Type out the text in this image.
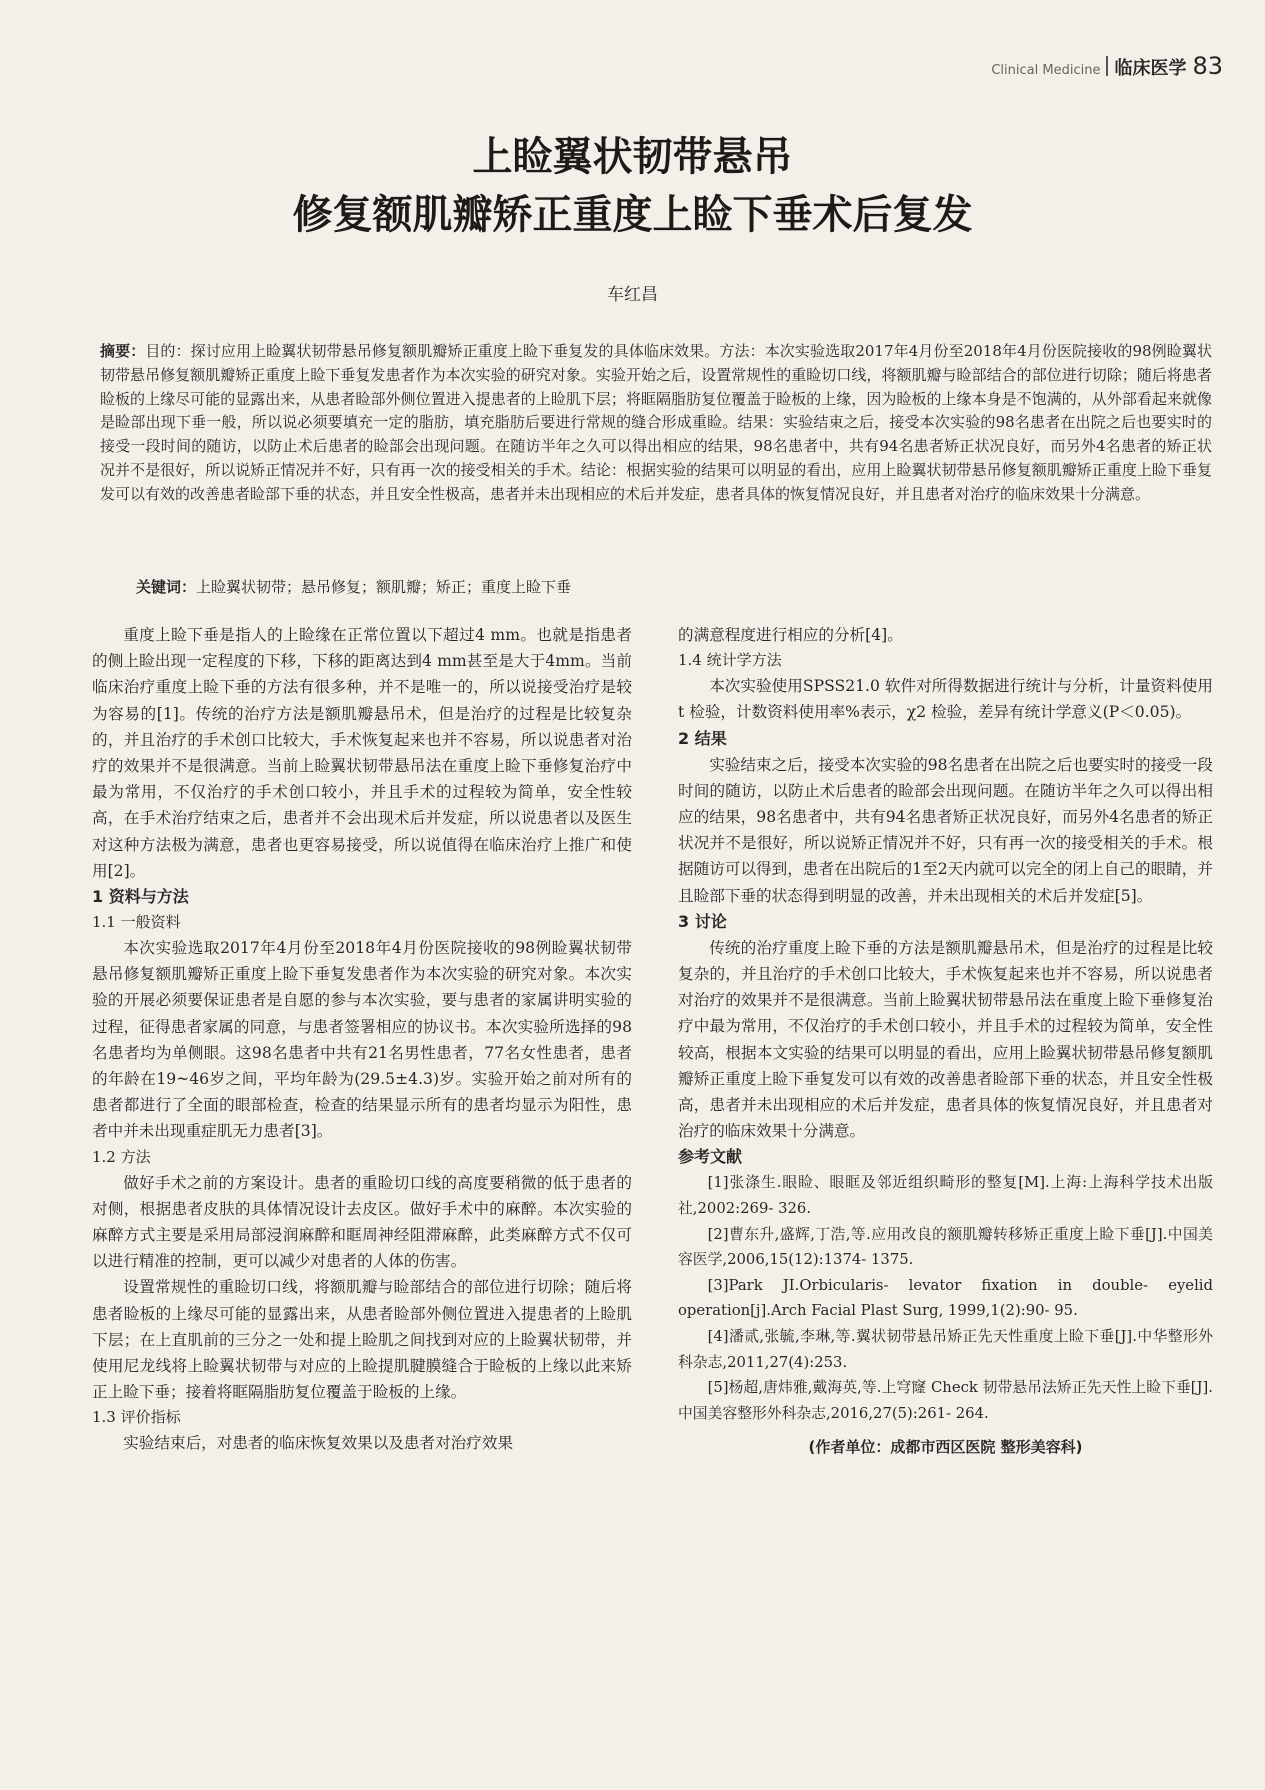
Clinical Medicine 临床医学 83
上睑翼状韧带悬吊
修复额肌瓣矫正重度上睑下垂术后复发
车红昌
摘要：目的：探讨应用上睑翼状韧带悬吊修复额肌瓣矫正重度上睑下垂复发的具体临床效果。方法：本次实验选取2017年4月份至2018年4月份医院接收的98例睑翼状韧带悬吊修复额肌瓣矫正重度上睑下垂复发患者作为本次实验的研究对象。实验开始之后，设置常规性的重睑切口线，将额肌瓣与睑部结合的部位进行切除；随后将患者睑板的上缘尽可能的显露出来，从患者睑部外侧位置进入提患者的上睑肌下层；将眶隔脂肪复位覆盖于睑板的上缘，因为睑板的上缘本身是不饱满的，从外部看起来就像是睑部出现下垂一般，所以说必须要填充一定的脂肪，填充脂肪后要进行常规的缝合形成重睑。结果：实验结束之后，接受本次实验的98名患者在出院之后也要实时的接受一段时间的随访，以防止术后患者的睑部会出现问题。在随访半年之久可以得出相应的结果，98名患者中，共有94名患者矫正状况良好，而另外4名患者的矫正状况并不是很好，所以说矫正情况并不好，只有再一次的接受相关的手术。结论：根据实验的结果可以明显的看出，应用上睑翼状韧带悬吊修复额肌瓣矫正重度上睑下垂复发可以有效的改善患者睑部下垂的状态，并且安全性极高，患者并未出现相应的术后并发症，患者具体的恢复情况良好，并且患者对治疗的临床效果十分满意。
关键词：上睑翼状韧带；悬吊修复；额肌瓣；矫正；重度上睑下垂

重度上睑下垂是指人的上睑缘在正常位置以下超过4 mm。也就是指患者的侧上睑出现一定程度的下移，下移的距离达到4 mm甚至是大于4mm。当前临床治疗重度上睑下垂的方法有很多种，并不是唯一的，所以说接受治疗是较为容易的[1]。传统的治疗方法是额肌瓣悬吊术，但是治疗的过程是比较复杂的，并且治疗的手术创口比较大，手术恢复起来也并不容易，所以说患者对治疗的效果并不是很满意。当前上睑翼状韧带悬吊法在重度上睑下垂修复治疗中最为常用，不仅治疗的手术创口较小，并且手术的过程较为简单，安全性较高，在手术治疗结束之后，患者并不会出现术后并发症，所以说患者以及医生对这种方法极为满意，患者也更容易接受，所以说值得在临床治疗上推广和使用[2]。

1 资料与方法
1.1 一般资料

本次实验选取2017年4月份至2018年4月份医院接收的98例睑翼状韧带悬吊修复额肌瓣矫正重度上睑下垂复发患者作为本次实验的研究对象。本次实验的开展必须要保证患者是自愿的参与本次实验，要与患者的家属讲明实验的过程，征得患者家属的同意，与患者签署相应的协议书。本次实验所选择的98名患者均为单侧眼。这98名患者中共有21名男性患者，77名女性患者，患者的年龄在19~46岁之间，平均年龄为(29.5±4.3)岁。实验开始之前对所有的患者都进行了全面的眼部检查，检查的结果显示所有的患者均显示为阳性，患者中并未出现重症肌无力患者[3]。

1.2 方法

做好手术之前的方案设计。患者的重睑切口线的高度要稍微的低于患者的对侧，根据患者皮肤的具体情况设计去皮区。做好手术中的麻醉。本次实验的麻醉方式主要是采用局部浸润麻醉和眶周神经阻滞麻醉，此类麻醉方式不仅可以进行精准的控制，更可以减少对患者的人体的伤害。

设置常规性的重睑切口线，将额肌瓣与睑部结合的部位进行切除；随后将患者睑板的上缘尽可能的显露出来，从患者睑部外侧位置进入提患者的上睑肌下层；在上直肌前的三分之一处和提上睑肌之间找到对应的上睑翼状韧带，并使用尼龙线将上睑翼状韧带与对应的上睑提肌腱膜缝合于睑板的上缘以此来矫正上睑下垂；接着将眶隔脂肪复位覆盖于睑板的上缘。

1.3 评价指标

实验结束后，对患者的临床恢复效果以及患者对治疗效果

的满意程度进行相应的分析[4]。

1.4 统计学方法

本次实验使用SPSS21.0 软件对所得数据进行统计与分析，计量资料使用 t 检验，计数资料使用率%表示，χ2 检验，差异有统计学意义(P＜0.05)。

2 结果

实验结束之后，接受本次实验的98名患者在出院之后也要实时的接受一段时间的随访，以防止术后患者的睑部会出现问题。在随访半年之久可以得出相应的结果，98名患者中，共有94名患者矫正状况良好，而另外4名患者的矫正状况并不是很好，所以说矫正情况并不好，只有再一次的接受相关的手术。根据随访可以得到，患者在出院后的1至2天内就可以完全的闭上自己的眼睛，并且睑部下垂的状态得到明显的改善，并未出现相关的术后并发症[5]。

3 讨论

传统的治疗重度上睑下垂的方法是额肌瓣悬吊术，但是治疗的过程是比较复杂的，并且治疗的手术创口比较大，手术恢复起来也并不容易，所以说患者对治疗的效果并不是很满意。当前上睑翼状韧带悬吊法在重度上睑下垂修复治疗中最为常用，不仅治疗的手术创口较小，并且手术的过程较为简单，安全性较高，根据本文实验的结果可以明显的看出，应用上睑翼状韧带悬吊修复额肌瓣矫正重度上睑下垂复发可以有效的改善患者睑部下垂的状态，并且安全性极高，患者并未出现相应的术后并发症，患者具体的恢复情况良好，并且患者对治疗的临床效果十分满意。

参考文献
[1]张涤生.眼睑、眼眶及邻近组织畸形的整复[M].上海:上海科学技术出版社,2002:269- 326.
[2]曹东升,盛辉,丁浩,等.应用改良的额肌瓣转移矫正重度上睑下垂[J].中国美容医学,2006,15(12):1374- 1375.
[3]Park JI.Orbicularis- levator fixation in double- eyelid operation[j].Arch Facial Plast Surg, 1999,1(2):90- 95.
[4]潘贰,张毓,李琳,等.翼状韧带悬吊矫正先天性重度上睑下垂[J].中华整形外科杂志,2011,27(4):253.
[5]杨超,唐炜雅,戴海英,等.上穹窿 Check 韧带悬吊法矫正先天性上睑下垂[J].中国美容整形外科杂志,2016,27(5):261- 264.
(作者单位：成都市西区医院 整形美容科)
